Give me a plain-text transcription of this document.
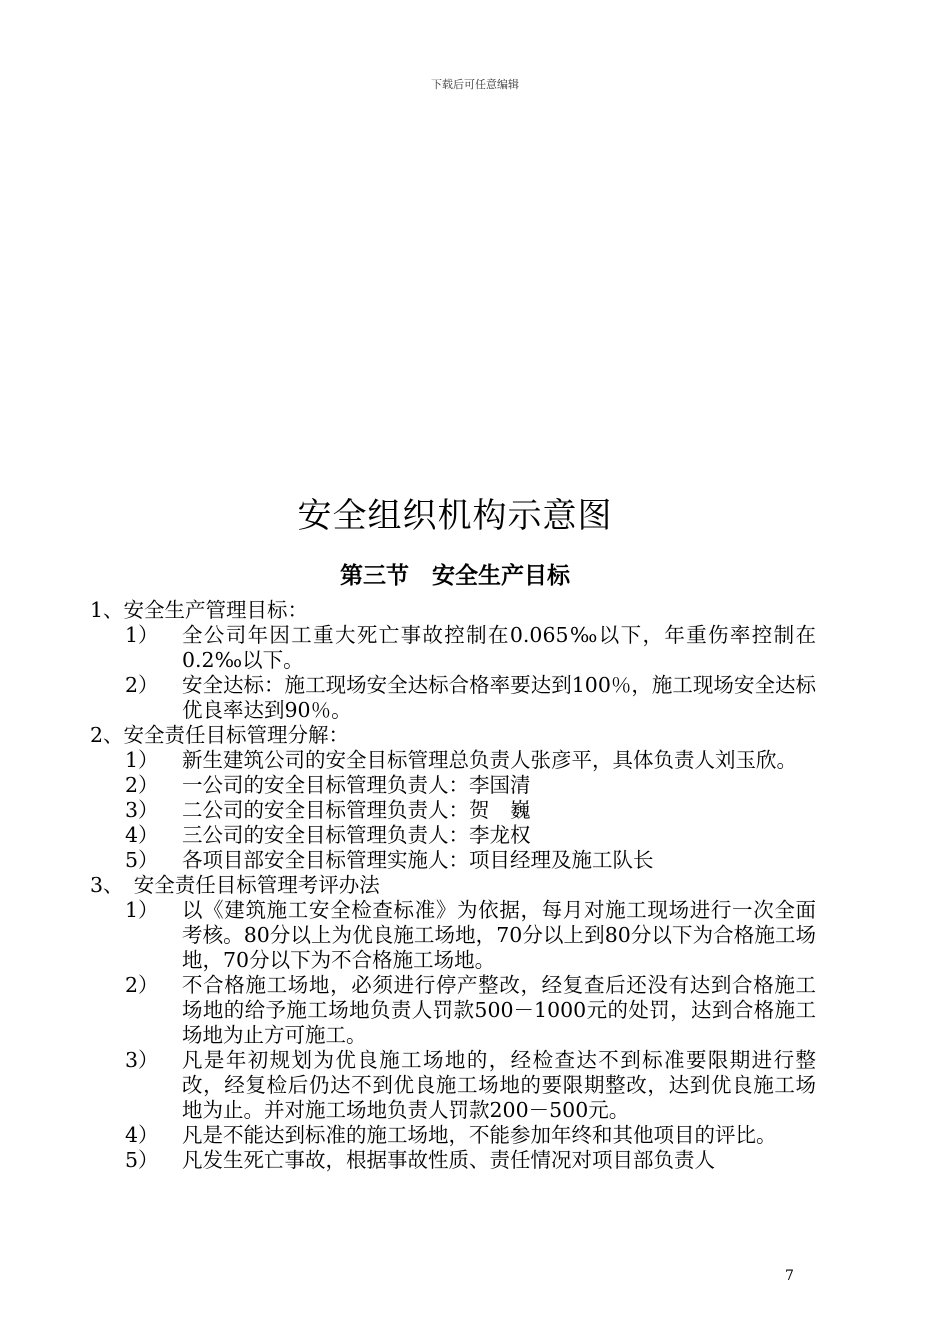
下载后可任意编辑
安全组织机构示意图
第三节　安全生产目标
1、安全生产管理目标：
1）	全公司年因工重大死亡事故控制在0.065‰以下，年重伤率控制在0.2‰以下。
2）	安全达标：施工现场安全达标合格率要达到100％，施工现场安全达标优良率达到90％。
2、安全责任目标管理分解：
1）	新生建筑公司的安全目标管理总负责人张彦平，具体负责人刘玉欣。
2）	一公司的安全目标管理负责人：李国清
3）	二公司的安全目标管理负责人：贺　巍
4）	三公司的安全目标管理负责人：李龙权
5）	各项目部安全目标管理实施人：项目经理及施工队长
3、　安全责任目标管理考评办法
1）	以《建筑施工安全检查标准》为依据，每月对施工现场进行一次全面考核。80分以上为优良施工场地，70分以上到80分以下为合格施工场地，70分以下为不合格施工场地。
2）	不合格施工场地，必须进行停产整改，经复查后还没有达到合格施工场地的给予施工场地负责人罚款500－1000元的处罚，达到合格施工场地为止方可施工。
3）	凡是年初规划为优良施工场地的，经检查达不到标准要限期进行整改，经复检后仍达不到优良施工场地的要限期整改，达到优良施工场地为止。并对施工场地负责人罚款200－500元。
4）	凡是不能达到标准的施工场地，不能参加年终和其他项目的评比。
5）	凡发生死亡事故，根据事故性质、责任情况对项目部负责人
7
